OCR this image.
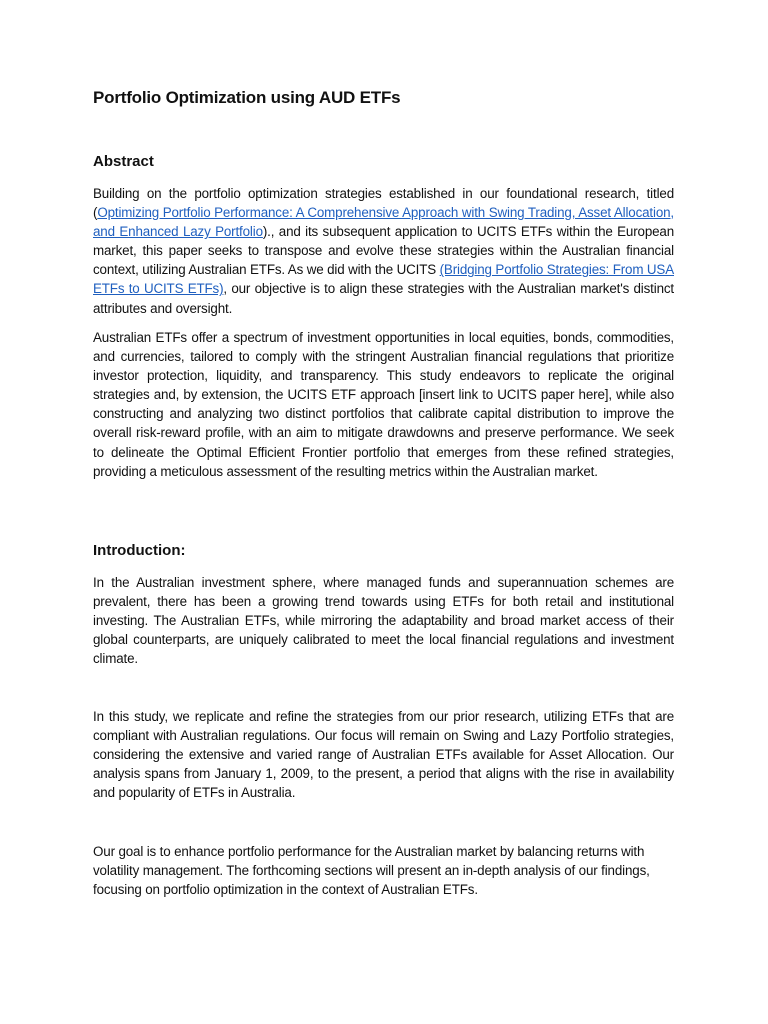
Portfolio Optimization using AUD ETFs
Abstract

Building on the portfolio optimization strategies established in our foundational research, titled (Optimizing Portfolio Performance: A Comprehensive Approach with Swing Trading, Asset Allocation, and Enhanced Lazy Portfolio)., and its subsequent application to UCITS ETFs within the European market, this paper seeks to transpose and evolve these strategies within the Australian financial context, utilizing Australian ETFs. As we did with the UCITS (Bridging Portfolio Strategies: From USA ETFs to UCITS ETFs), our objective is to align these strategies with the Australian market's distinct attributes and oversight.

Australian ETFs offer a spectrum of investment opportunities in local equities, bonds, commodities, and currencies, tailored to comply with the stringent Australian financial regulations that prioritize investor protection, liquidity, and transparency. This study endeavors to replicate the original strategies and, by extension, the UCITS ETF approach [insert link to UCITS paper here], while also constructing and analyzing two distinct portfolios that calibrate capital distribution to improve the overall risk-reward profile, with an aim to mitigate drawdowns and preserve performance. We seek to delineate the Optimal Efficient Frontier portfolio that emerges from these refined strategies, providing a meticulous assessment of the resulting metrics within the Australian market.

Introduction:

In the Australian investment sphere, where managed funds and superannuation schemes are prevalent, there has been a growing trend towards using ETFs for both retail and institutional investing. The Australian ETFs, while mirroring the adaptability and broad market access of their global counterparts, are uniquely calibrated to meet the local financial regulations and investment climate.

In this study, we replicate and refine the strategies from our prior research, utilizing ETFs that are compliant with Australian regulations. Our focus will remain on Swing and Lazy Portfolio strategies, considering the extensive and varied range of Australian ETFs available for Asset Allocation. Our analysis spans from January 1, 2009, to the present, a period that aligns with the rise in availability and popularity of ETFs in Australia.

Our goal is to enhance portfolio performance for the Australian market by balancing returns with volatility management. The forthcoming sections will present an in-depth analysis of our findings, focusing on portfolio optimization in the context of Australian ETFs.
